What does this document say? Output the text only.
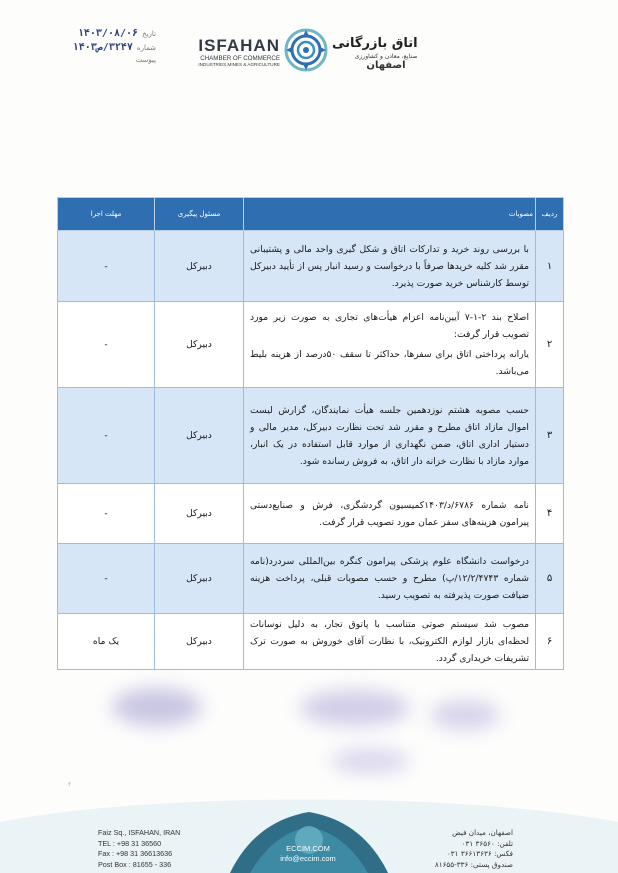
تاریخ
۱۴۰۳/۰۸/۰۶
شماره
۳۲۴۷/ص۱۴۰۳
پیوست
ISFAHAN
CHAMBER OF COMMERCE
INDUSTRIES,MINES & AGRICULTURE
اتاق بازرگانی
صنایع، معادن و کشاورزی
اصفهان
ردیف	مصوبات	مسئول پیگیری	مهلت اجرا
۱	با بررسی روند خرید و تدارکات اتاق و شکل گیری واحد مالی و پشتیبانی مقرر شد کلیه خریدها صرفاً با درخواست و رسید انبار پس از تأیید دبیرکل توسط کارشناس خرید صورت پذیرد.	دبیرکل	-
۲	اصلاح بند ۲-۱-۷ آیین‌نامه اعزام هیأت‌های تجاری به صورت زیر مورد تصویب قرار گرفت:
یارانه پرداختی اتاق برای سفرها، حداکثر تا سقف ۵۰درصد از هزینه بلیط می‌باشد.	دبیرکل	-
۳	حسب مصوبه هشتم نوزدهمین جلسه هیأت نمایندگان، گزارش لیست اموال مازاد اتاق مطرح و مقرر شد تحت نظارت دبیرکل، مدیر مالی و دستیار اداری اتاق، ضمن نگهداری از موارد قابل استفاده در یک انبار، موارد مازاد با نظارت خزانه دار اتاق، به فروش رسانده شود.	دبیرکل	-
۴	نامه شماره ۶۷۸۶/د/۱۴۰۳کمیسیون گردشگری، فرش و صنایع‌دستی پیرامون هزینه‌های سفر عمان مورد تصویب قرار گرفت.	دبیرکل	-
۵	درخواست دانشگاه علوم پزشکی پیرامون کنگره بین‌المللی سردرد(نامه شماره ۱۲/۲/۴۷۴۳/پ) مطرح و حسب مصوبات قبلی، پرداخت هزینه ضیافت صورت پذیرفته به تصویب رسید.	دبیرکل	-
۶	مصوب شد سیستم صوتی متناسب با پاتوق تجار، به دلیل نوسانات لحظه‌ای بازار لوازم الکترونیک، با نظارت آقای خوروش به صورت ترک تشریفات خریداری گردد.	دبیرکل	یک ماه
۲
Faiz Sq., ISFAHAN, IRAN
TEL : +98 31 36560
Fax : +98 31 36613636
Post Box : 81655 - 336
ECCIM.COM
info@eccim.com
اصفهان، میدان فیض
تلفن: ۳۶۵۶۰ ۰۳۱
فکس: ۳۶۶۱۳۶۳۶ ۰۳۱
صندوق پستی: ۳۳۶-۸۱۶۵۵
